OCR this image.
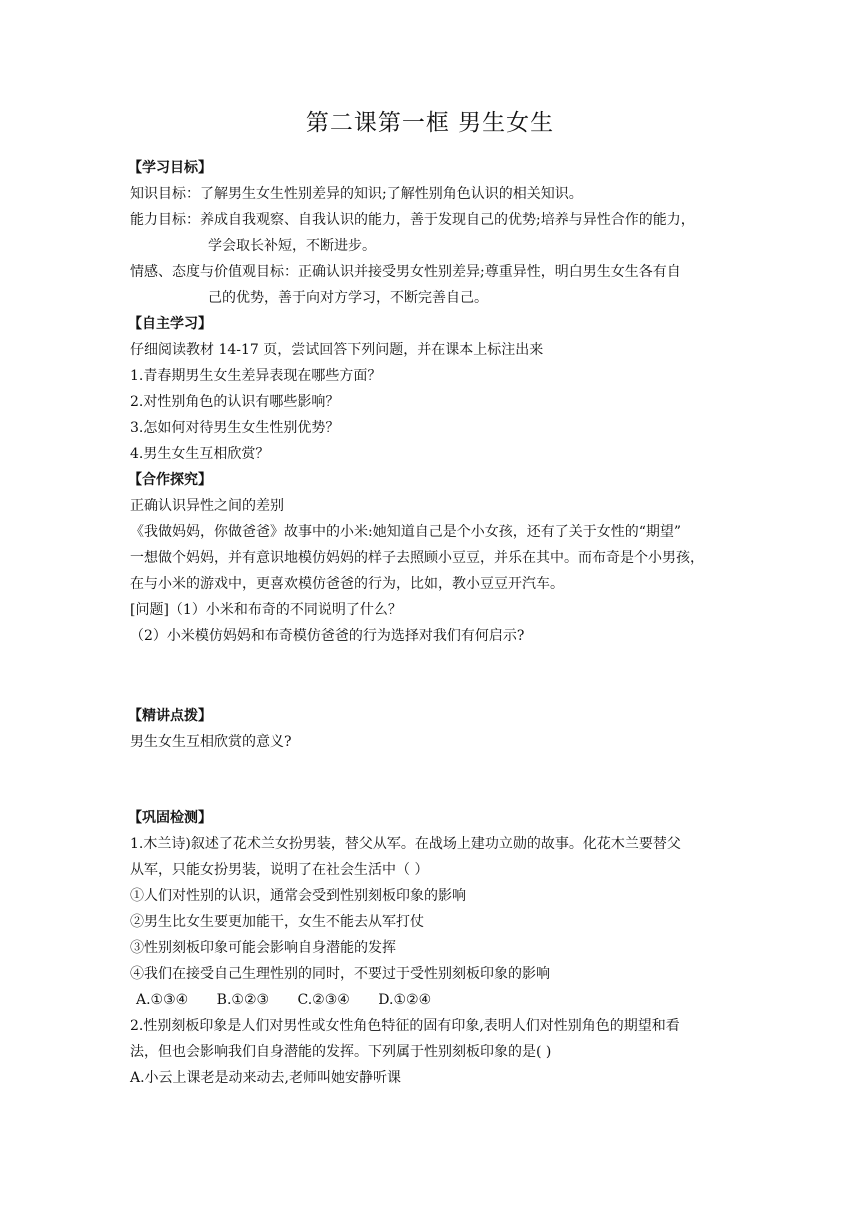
第二课第一框 男生女生
【学习目标】
知识目标：了解男生女生性别差异的知识;了解性别角色认识的相关知识。
能力目标：养成自我观察、自我认识的能力，善于发现自己的优势;培养与异性合作的能力，
学会取长补短，不断进步。
情感、态度与价值观目标：正确认识并接受男女性别差异;尊重异性，明白男生女生各有自
己的优势，善于向对方学习，不断完善自己。
【自主学习】
仔细阅读教材 14-17 页，尝试回答下列问题，并在课本上标注出来
1.青春期男生女生差异表现在哪些方面？
2.对性别角色的认识有哪些影响？
3.怎如何对待男生女生性别优势？
4.男生女生互相欣赏？
【合作探究】
正确认识异性之间的差别
《我做妈妈，你做爸爸》故事中的小米:她知道自己是个小女孩，还有了关于女性的“期望”
一想做个妈妈，并有意识地模仿妈妈的样子去照顾小豆豆，并乐在其中。而布奇是个小男孩，
在与小米的游戏中，更喜欢模仿爸爸的行为，比如，教小豆豆开汽车。
[问题]（1）小米和布奇的不同说明了什么？
（2）小米模仿妈妈和布奇模仿爸爸的行为选择对我们有何启示?
【精讲点拨】
男生女生互相欣赏的意义?
【巩固检测】
1.木兰诗)叙述了花术兰女扮男装，替父从军。在战场上建功立勋的故事。化花木兰要替父
从军，只能女扮男装，说明了在社会生活中（ ）
①人们对性别的认识，通常会受到性别刻板印象的影响
②男生比女生要更加能干，女生不能去从军打仗
③性别刻板印象可能会影响自身潜能的发挥
④我们在接受自己生理性别的同时，不要过于受性别刻板印象的影响
A.①③④ B.①②③ C.②③④ D.①②④
2.性别刻板印象是人们对男性或女性角色特征的固有印象,表明人们对性别角色的期望和看
法，但也会影响我们自身潜能的发挥。下列属于性别刻板印象的是( )
A.小云上课老是动来动去,老师叫她安静听课
